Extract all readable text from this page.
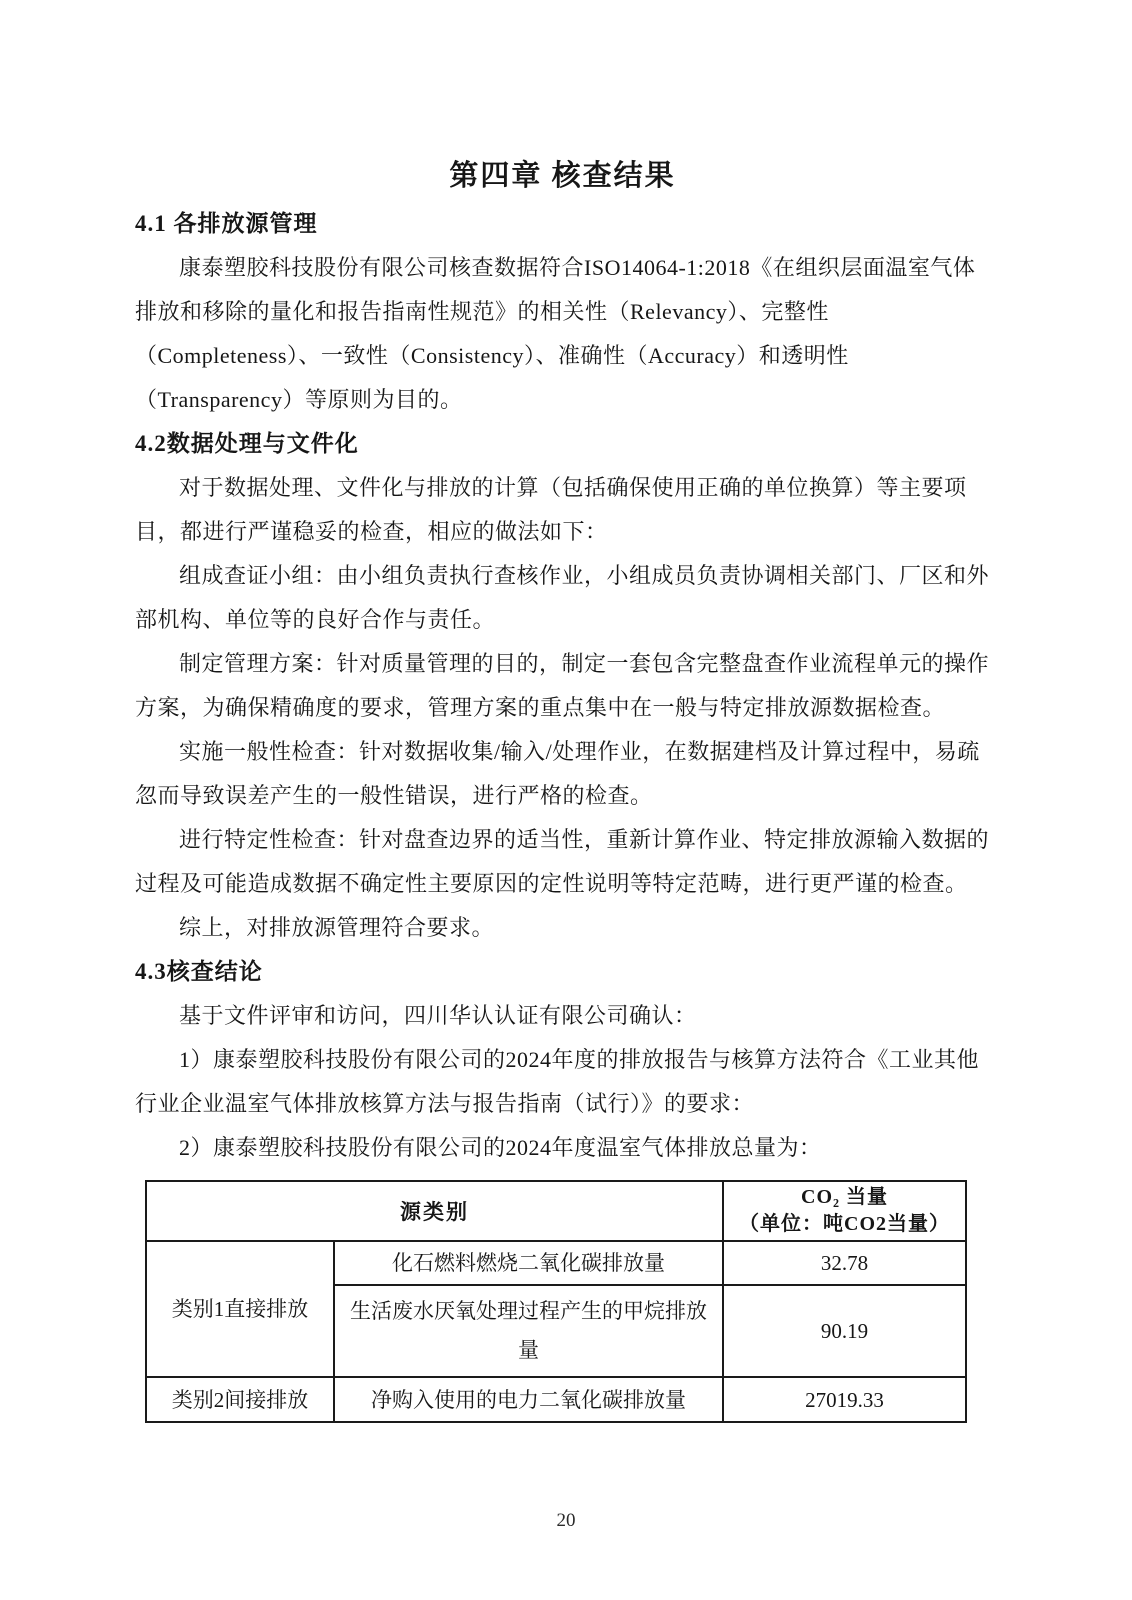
第四章 核查结果
4.1 各排放源管理

康泰塑胶科技股份有限公司核查数据符合ISO14064-1:2018《在组织层面温室气体排放和移除的量化和报告指南性规范》的相关性（Relevancy）、完整性（Completeness）、一致性（Consistency）、准确性（Accuracy）和透明性（Transparency）等原则为目的。

4.2数据处理与文件化

对于数据处理、文件化与排放的计算（包括确保使用正确的单位换算）等主要项目，都进行严谨稳妥的检查，相应的做法如下：

组成查证小组：由小组负责执行查核作业，小组成员负责协调相关部门、厂区和外部机构、单位等的良好合作与责任。

制定管理方案：针对质量管理的目的，制定一套包含完整盘查作业流程单元的操作方案，为确保精确度的要求，管理方案的重点集中在一般与特定排放源数据检查。

实施一般性检查：针对数据收集/输入/处理作业，在数据建档及计算过程中，易疏忽而导致误差产生的一般性错误，进行严格的检查。

进行特定性检查：针对盘查边界的适当性，重新计算作业、特定排放源输入数据的过程及可能造成数据不确定性主要原因的定性说明等特定范畴，进行更严谨的检查。

综上，对排放源管理符合要求。

4.3核查结论

基于文件评审和访问，四川华认认证有限公司确认：

1）康泰塑胶科技股份有限公司的2024年度的排放报告与核算方法符合《工业其他行业企业温室气体排放核算方法与报告指南（试行）》的要求：

2）康泰塑胶科技股份有限公司的2024年度温室气体排放总量为：

源类别		CO₂ 当量
（单位：吨CO2当量）

类别1直接排放	化石燃料燃烧二氧化碳排放量	32.78
	生活废水厌氧处理过程产生的甲烷排放量	90.19
类别2间接排放	净购入使用的电力二氧化碳排放量	27019.33
20
